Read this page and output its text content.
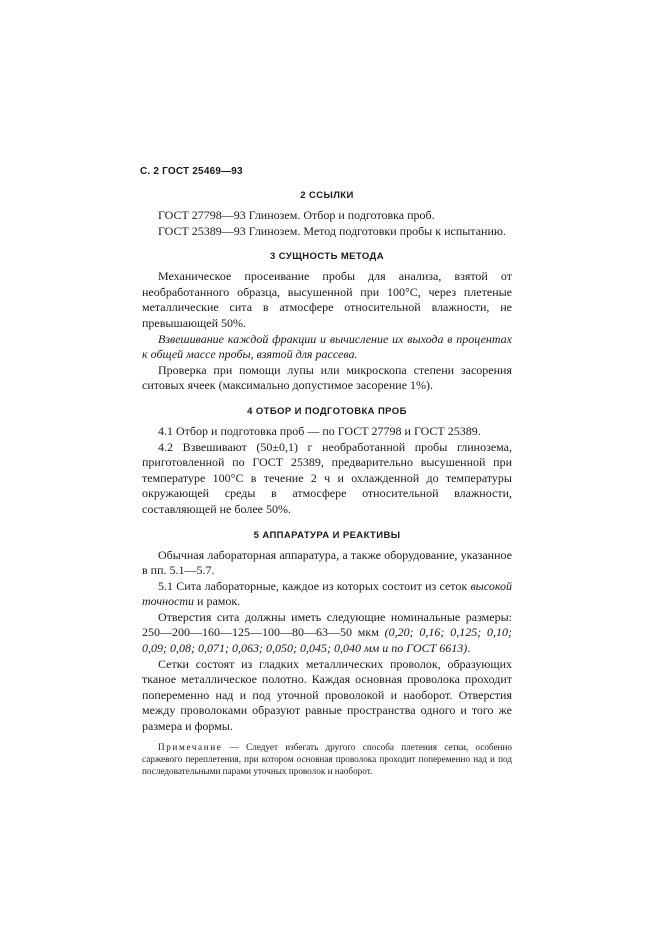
С. 2 ГОСТ 25469—93
2 ССЫЛКИ

ГОСТ 27798—93 Глинозем. Отбор и подготовка проб.

ГОСТ 25389—93 Глинозем. Метод подготовки пробы к испытанию.

3 СУЩНОСТЬ МЕТОДА

Механическое просеивание пробы для анализа, взятой от необработанного образца, высушенной при 100°С, через плетеные металлические сита в атмосфере относительной влажности, не превышающей 50%.

Взвешивание каждой фракции и вычисление их выхода в процентах к общей массе пробы, взятой для рассева.

Проверка при помощи лупы или микроскопа степени засорения ситовых ячеек (максимально допустимое засорение 1%).

4 ОТБОР И ПОДГОТОВКА ПРОБ

4.1 Отбор и подготовка проб — по ГОСТ 27798 и ГОСТ 25389.

4.2 Взвешивают (50±0,1) г необработанной пробы глинозема, приготовленной по ГОСТ 25389, предварительно высушенной при температуре 100°С в течение 2 ч и охлажденной до температуры окружающей среды в атмосфере относительной влажности, составляющей не более 50%.

5 АППАРАТУРА И РЕАКТИВЫ

Обычная лабораторная аппаратура, а также оборудование, указанное в пп. 5.1—5.7.

5.1 Сита лабораторные, каждое из которых состоит из сеток высокой точности и рамок.

Отверстия сита должны иметь следующие номинальные размеры: 250—200—160—125—100—80—63—50 мкм (0,20; 0,16; 0,125; 0,10; 0,09; 0,08; 0,071; 0,063; 0,050; 0,045; 0,040 мм и по ГОСТ 6613).

Сетки состоят из гладких металлических проволок, образующих тканое металлическое полотно. Каждая основная проволока проходит попеременно над и под уточной проволокой и наоборот. Отверстия между проволоками образуют равные пространства одного и того же размера и формы.

Примечание — Следует избегать другого способа плетения сетки, особенно саржевого переплетения, при котором основная проволока проходит попеременно над и под последовательными парами уточных проволок и наоборот.
